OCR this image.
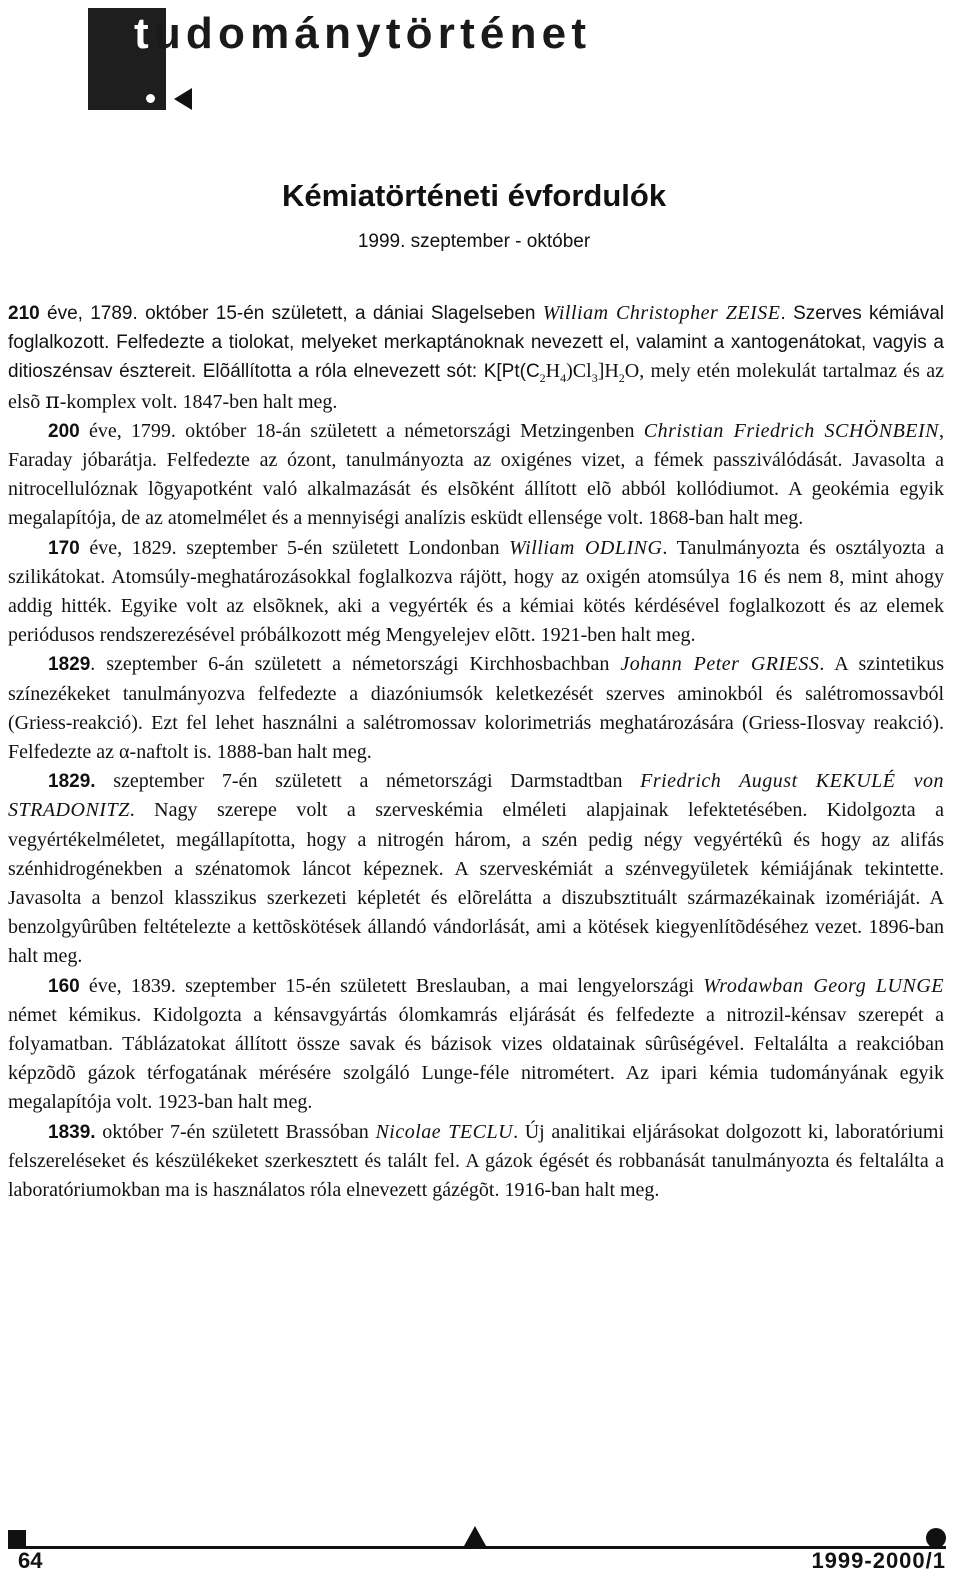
tudománytörténet
Kémiatörténeti évfordulók
1999. szeptember - október

210 éve, 1789. október 15-én született, a dániai Slagelseben William Christopher ZEISE. Szerves kémiával foglalkozott. Felfedezte a tiolokat, melyeket merkaptánoknak nevezett el, valamint a xantogenátokat, vagyis a ditioszénsav észtereit. Elõállította a róla elnevezett sót: $K[Pt(C_2H_4)Cl_3]H_2O$, mely etén molekulát tartalmaz és az elsõ π-komplex volt. 1847-ben halt meg.

200 éve, 1799. október 18-án született a németországi Metzingenben Christian Friedrich SCHÖNBEIN, Faraday jóbarátja. Felfedezte az ózont, tanulmányozta az oxigénes vizet, a fémek passziválódását. Javasolta a nitrocellulóznak lõgyapotként való alkalmazását és elsõként állított elõ abból kollódiumot. A geokémia egyik megalapítója, de az atomelmélet és a mennyiségi analízis esküdt ellensége volt. 1868-ban halt meg.

170 éve, 1829. szeptember 5-én született Londonban William ODLING. Tanulmányozta és osztályozta a szilikátokat. Atomsúly-meghatározásokkal foglalkozva rájött, hogy az oxigén atomsúlya 16 és nem 8, mint ahogy addig hitték. Egyike volt az elsõknek, aki a vegyérték és a kémiai kötés kérdésével foglalkozott és az elemek periódusos rendszerezésével próbálkozott még Mengyelejev elõtt. 1921-ben halt meg.

1829. szeptember 6-án született a németországi Kirchhosbachban Johann Peter GRIESS. A szintetikus színezékeket tanulmányozva felfedezte a diazóniumsók keletkezését szerves aminokból és salétromossavból (Griess-reakció). Ezt fel lehet használni a salétromossav kolorimetriás meghatározására (Griess-Ilosvay reakció). Felfedezte az α-naftolt is. 1888-ban halt meg.

1829. szeptember 7-én született a németországi Darmstadtban Friedrich August KEKULÉ von STRADONITZ. Nagy szerepe volt a szerveskémia elméleti alapjainak lefektetésében. Kidolgozta a vegyértékelméletet, megállapította, hogy a nitrogén három, a szén pedig négy vegyértékû és hogy az alifás szénhidrogénekben a szénatomok láncot képeznek. A szerveskémiát a szénvegyületek kémiájának tekintette. Javasolta a benzol klasszikus szerkezeti képletét és elõrelátta a diszubsztituált származékainak izomériáját. A benzolgyûrûben feltételezte a kettõskötések állandó vándorlását, ami a kötések kiegyenlítõdéséhez vezet. 1896-ban halt meg.

160 éve, 1839. szeptember 15-én született Breslauban, a mai lengyelországi Wrodawban Georg LUNGE német kémikus. Kidolgozta a kénsavgyártás ólomkamrás eljárását és felfedezte a nitrozil-kénsav szerepét a folyamatban. Táblázatokat állított össze savak és bázisok vizes oldatainak sûrûségével. Feltalálta a reakcióban képzõdõ gázok térfogatának mérésére szolgáló Lunge-féle nitrométert. Az ipari kémia tudományának egyik megalapítója volt. 1923-ban halt meg.

1839. október 7-én született Brassóban Nicolae TECLU. Új analitikai eljárásokat dolgozott ki, laboratóriumi felszereléseket és készülékeket szerkesztett és talált fel. A gázok égését és robbanását tanulmányozta és feltalálta a laboratóriumokban ma is használatos róla elnevezett gázégõt. 1916-ban halt meg.

64	1999-2000/1
